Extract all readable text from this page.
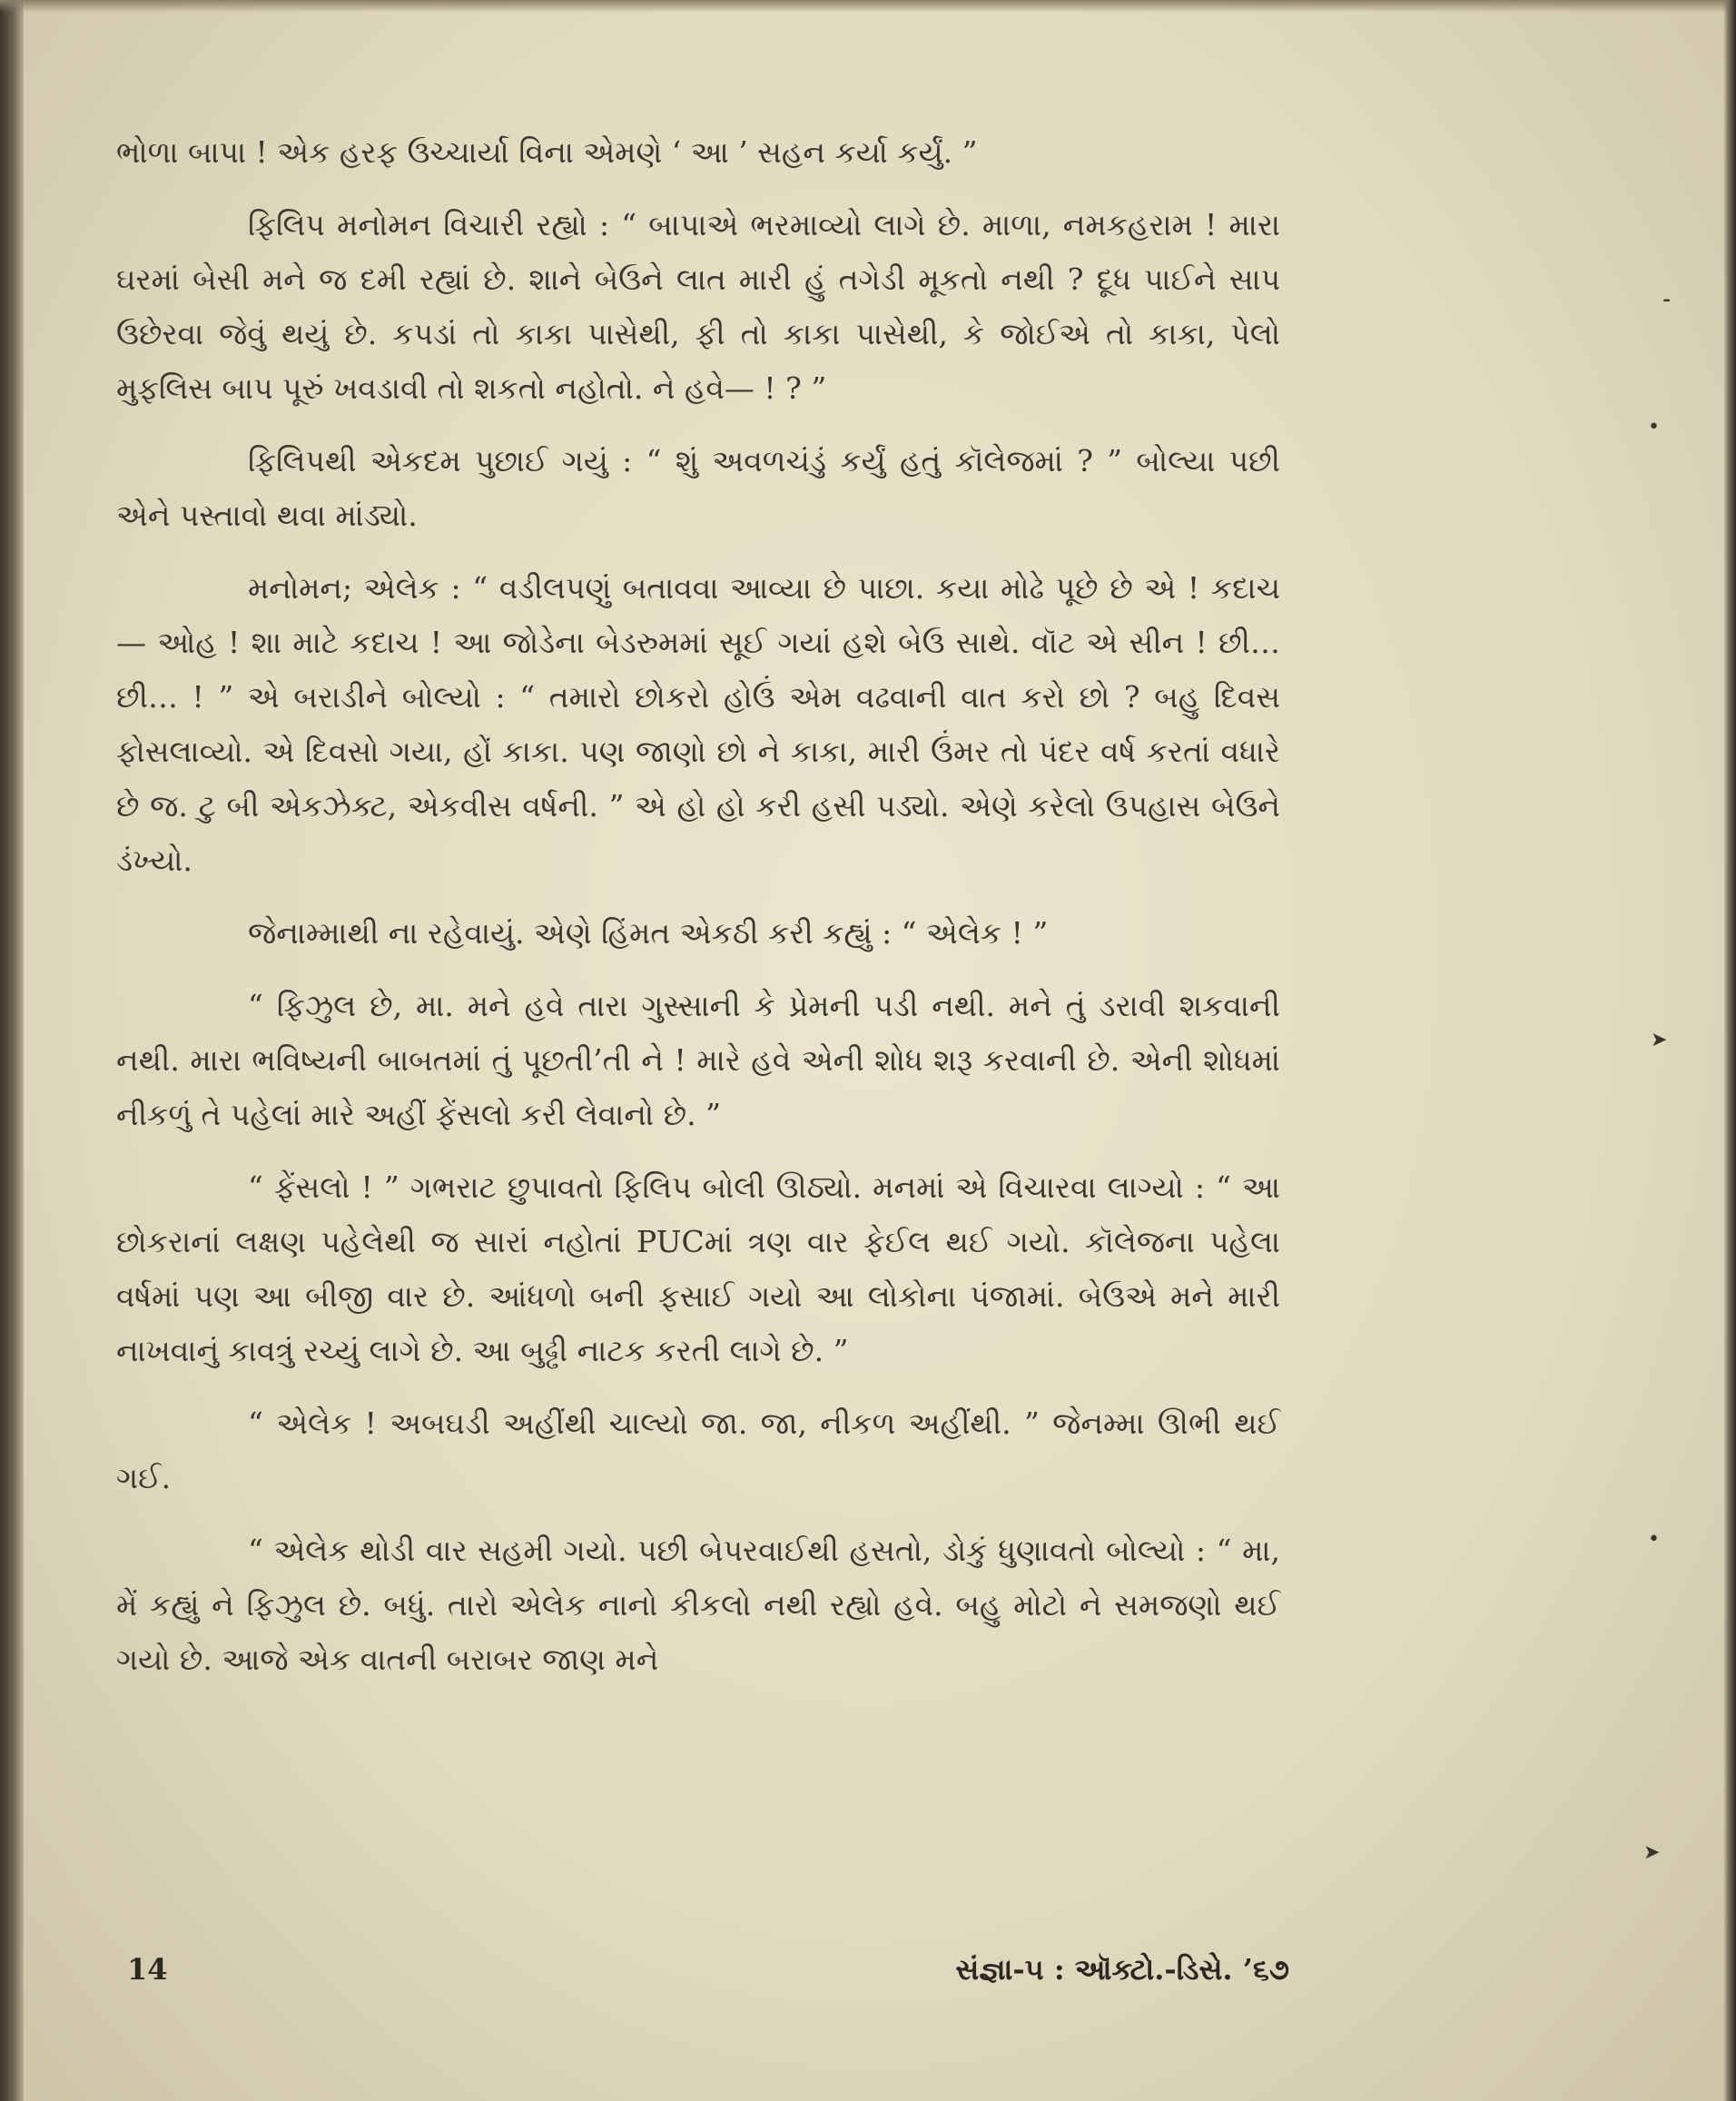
ભોળા બાપા ! એક હરફ ઉચ્ચાર્યા વિના એમણે ‘ આ ’ સહન કર્યા કર્યું. ”

ફિલિપ મનોમન વિચારી રહ્યો : “ બાપાએ ભરમાવ્યો લાગે છે. માળા, નમકહરામ ! મારા ઘરમાં બેસી મને જ દમી રહ્યાં છે. શાને બેઉને લાત મારી હું તગેડી મૂકતો નથી ? દૂધ પાઈને સાપ ઉછેરવા જેવું થયું છે. કપડાં તો કાકા પાસેથી, ફી તો કાકા પાસેથી, કે જોઈએ તો કાકા, પેલો મુફલિસ બાપ પૂરું ખવડાવી તો શકતો નહોતો. ને હવે— ! ? ”

ફિલિપથી એકદમ પુછાઈ ગયું : “ શું અવળચંડું કર્યું હતું કૉલેજમાં ? ” બોલ્યા પછી એને પસ્તાવો થવા માંડ્યો.

મનોમન; એલેક : “ વડીલપણું બતાવવા આવ્યા છે પાછા. કયા મોઢે પૂછે છે એ ! કદાચ— ઓહ ! શા માટે કદાચ ! આ જોડેના બેડરુમમાં સૂઈ ગયાં હશે બેઉ સાથે. વૉટ એ સીન ! છી… છી… ! ” એ બરાડીને બોલ્યો : “ તમારો છોકરો હોઉં એમ વઢવાની વાત કરો છો ? બહુ દિવસ ફોસલાવ્યો. એ દિવસો ગયા, હોં કાકા. પણ જાણો છો ને કાકા, મારી ઉંમર તો પંદર વર્ષ કરતાં વધારે છે જ. ટુ બી એકઝેક્ટ, એકવીસ વર્ષની. ” એ હો હો કરી હસી પડ્યો. એણે કરેલો ઉપહાસ બેઉને ડંખ્યો.

જેનામ્માથી ના રહેવાયું. એણે હિંમત એકઠી કરી કહ્યું : “ એલેક ! ”

“ ફિઝુલ છે, મા. મને હવે તારા ગુસ્સાની કે પ્રેમની પડી નથી. મને તું ડરાવી શકવાની નથી. મારા ભવિષ્યની બાબતમાં તું પૂછતી’તી ને ! મારે હવે એની શોધ શરૂ કરવાની છે. એની શોધમાં નીકળું તે પહેલાં મારે અહીં ફેંસલો કરી લેવાનો છે. ”

“ ફેંસલો ! ” ગભરાટ છુપાવતો ફિલિપ બોલી ઊઠ્યો. મનમાં એ વિચારવા લાગ્યો : “ આ છોકરાનાં લક્ષણ પહેલેથી જ સારાં નહોતાં PUCમાં ત્રણ વાર ફેઈલ થઈ ગયો. કૉલેજના પહેલા વર્ષમાં પણ આ બીજી વાર છે. આંધળો બની ફસાઈ ગયો આ લોકોના પંજામાં. બેઉએ મને મારી નાખવાનું કાવત્રું રચ્યું લાગે છે. આ બુઢ્ઢી નાટક કરતી લાગે છે. ”

“ એલેક ! અબઘડી અહીંથી ચાલ્યો જા. જા, નીકળ અહીંથી. ” જેનમ્મા ઊભી થઈ ગઈ.

“ એલેક થોડી વાર સહમી ગયો. પછી બેપરવાઈથી હસતો, ડોકું ધુણાવતો બોલ્યો : “ મા, મેં કહ્યું ને ફિઝુલ છે. બધું. તારો એલેક નાનો કીકલો નથી રહ્યો હવે. બહુ મોટો ને સમજણો થઈ ગયો છે. આજે એક વાતની બરાબર જાણ મને

⁃
•
➤
•
➤
14	સંજ્ઞા-૫ : ઑક્ટો.-ડિસે. ’૬૭
